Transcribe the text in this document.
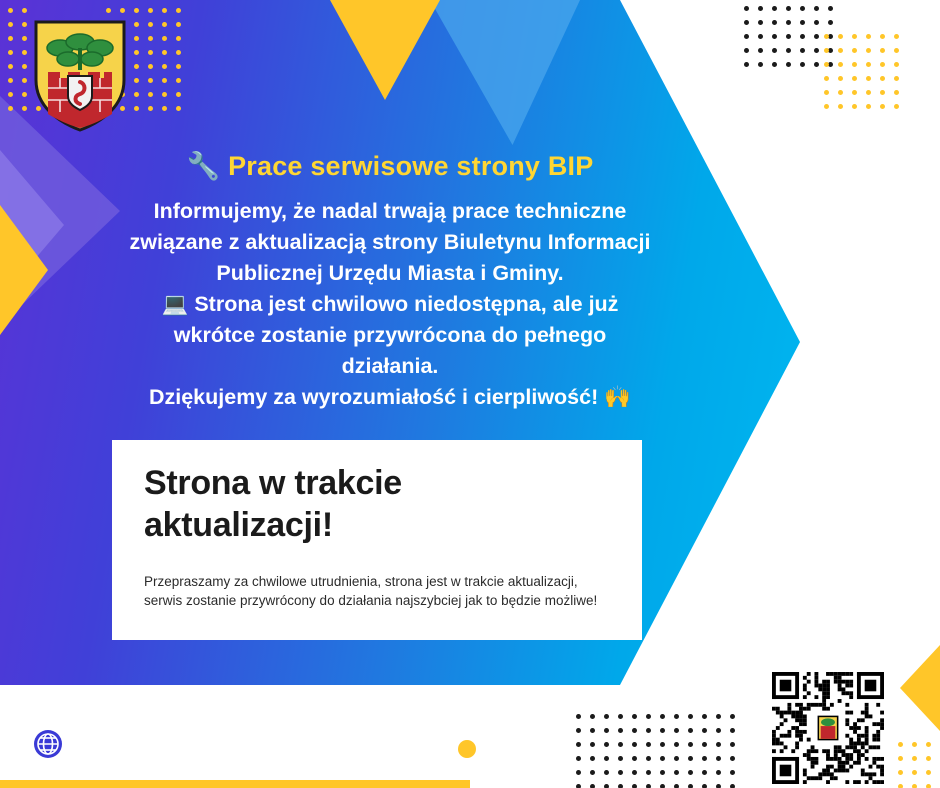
🔧 Prace serwisowe strony BIP
Informujemy, że nadal trwają prace techniczne
związane z aktualizacją strony Biuletynu Informacji
Publicznej Urzędu Miasta i Gminy.
💻 Strona jest chwilowo niedostępna, ale już
wkrótce zostanie przywrócona do pełnego
działania.
Dziękujemy za wyrozumiałość i cierpliwość! 🙌
Strona w trakcie
aktualizacji!
Przepraszamy za chwilowe utrudnienia, strona jest w trakcie aktualizacji, serwis zostanie przywrócony do działania najszybciej jak to będzie możliwe!
odwiedź stronę
www.gminajawornikpolski.pl
